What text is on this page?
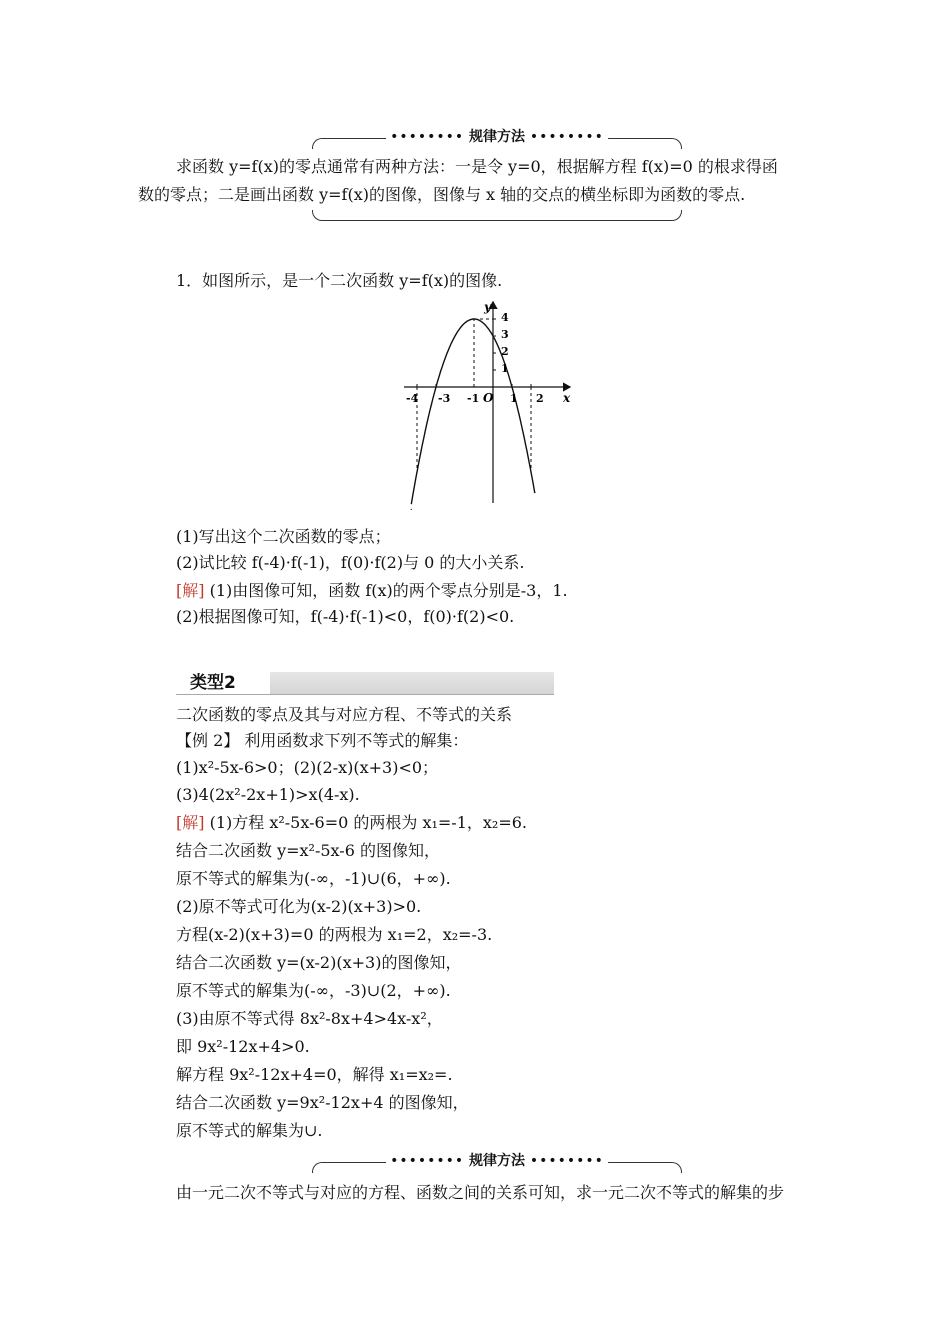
•••••••• 规律方法 ••••••••
求函数 y=f(x)的零点通常有两种方法：一是令 y=0，根据解方程 f(x)=0 的根求得函
数的零点；二是画出函数 y=f(x)的图像，图像与 x 轴的交点的横坐标即为函数的零点.
1．如图所示，是一个二次函数 y=f(x)的图像.
y
x
O
-4 -3 -1	1 2
4
3
2
1
(1)写出这个二次函数的零点；
(2)试比较 f(-4)·f(-1)，f(0)·f(2)与 0 的大小关系.
[解] (1)由图像可知，函数 f(x)的两个零点分别是-3，1.
(2)根据图像可知，f(-4)·f(-1)<0，f(0)·f(2)<0.
类型2
二次函数的零点及其与对应方程、不等式的关系
【例 2】 利用函数求下列不等式的解集：
(1)x²-5x-6>0；(2)(2-x)(x+3)<0；
(3)4(2x²-2x+1)>x(4-x).
[解] (1)方程 x²-5x-6=0 的两根为 x₁=-1，x₂=6.
结合二次函数 y=x²-5x-6 的图像知，
原不等式的解集为(-∞，-1)∪(6，+∞).
(2)原不等式可化为(x-2)(x+3)>0.
方程(x-2)(x+3)=0 的两根为 x₁=2，x₂=-3.
结合二次函数 y=(x-2)(x+3)的图像知，
原不等式的解集为(-∞，-3)∪(2，+∞).
(3)由原不等式得 8x²-8x+4>4x-x²，
即 9x²-12x+4>0.
解方程 9x²-12x+4=0，解得 x₁=x₂=.
结合二次函数 y=9x²-12x+4 的图像知，
原不等式的解集为∪.
•••••••• 规律方法 ••••••••
由一元二次不等式与对应的方程、函数之间的关系可知，求一元二次不等式的解集的步
